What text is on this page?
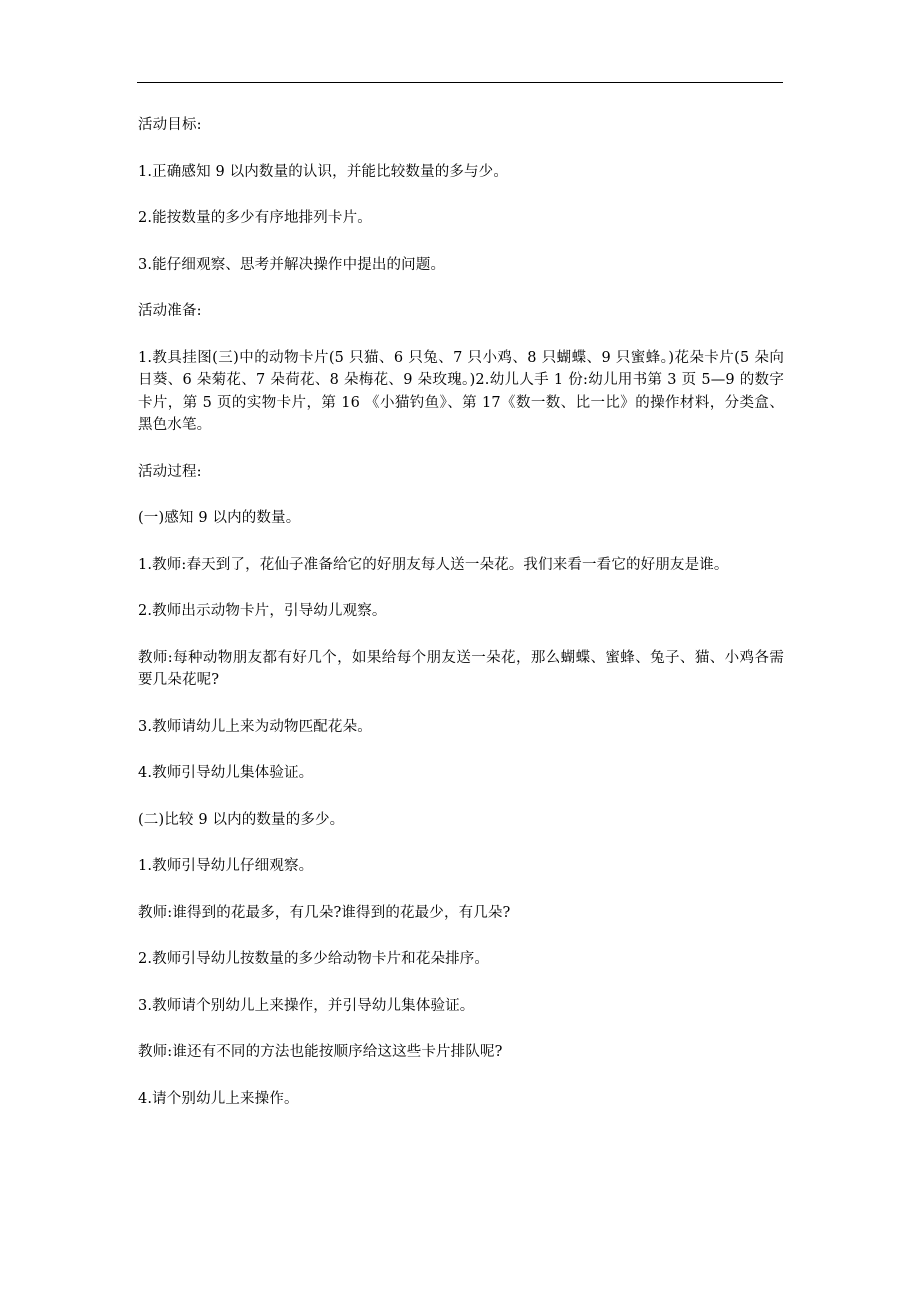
活动目标:

1.正确感知 9 以内数量的认识，并能比较数量的多与少。

2.能按数量的多少有序地排列卡片。

3.能仔细观察、思考并解决操作中提出的问题。

活动准备:

1.教具挂图(三)中的动物卡片(5 只猫、6 只兔、7 只小鸡、8 只蝴蝶、9 只蜜蜂。)花朵卡片(5 朵向日葵、6 朵菊花、7 朵荷花、8 朵梅花、9 朵玫瑰。)2.幼儿人手 1 份:幼儿用书第 3 页 5—9 的数字卡片，第 5 页的实物卡片，第 16 《小猫钓鱼》、第 17《数一数、比一比》的操作材料，分类盒、黑色水笔。

活动过程:

(一)感知 9 以内的数量。

1.教师:春天到了，花仙子准备给它的好朋友每人送一朵花。我们来看一看它的好朋友是谁。

2.教师出示动物卡片，引导幼儿观察。

教师:每种动物朋友都有好几个，如果给每个朋友送一朵花，那么蝴蝶、蜜蜂、兔子、猫、小鸡各需要几朵花呢?

3.教师请幼儿上来为动物匹配花朵。

4.教师引导幼儿集体验证。

(二)比较 9 以内的数量的多少。

1.教师引导幼儿仔细观察。

教师:谁得到的花最多，有几朵?谁得到的花最少，有几朵?

2.教师引导幼儿按数量的多少给动物卡片和花朵排序。

3.教师请个别幼儿上来操作，并引导幼儿集体验证。

教师:谁还有不同的方法也能按顺序给这这些卡片排队呢?

4.请个别幼儿上来操作。
